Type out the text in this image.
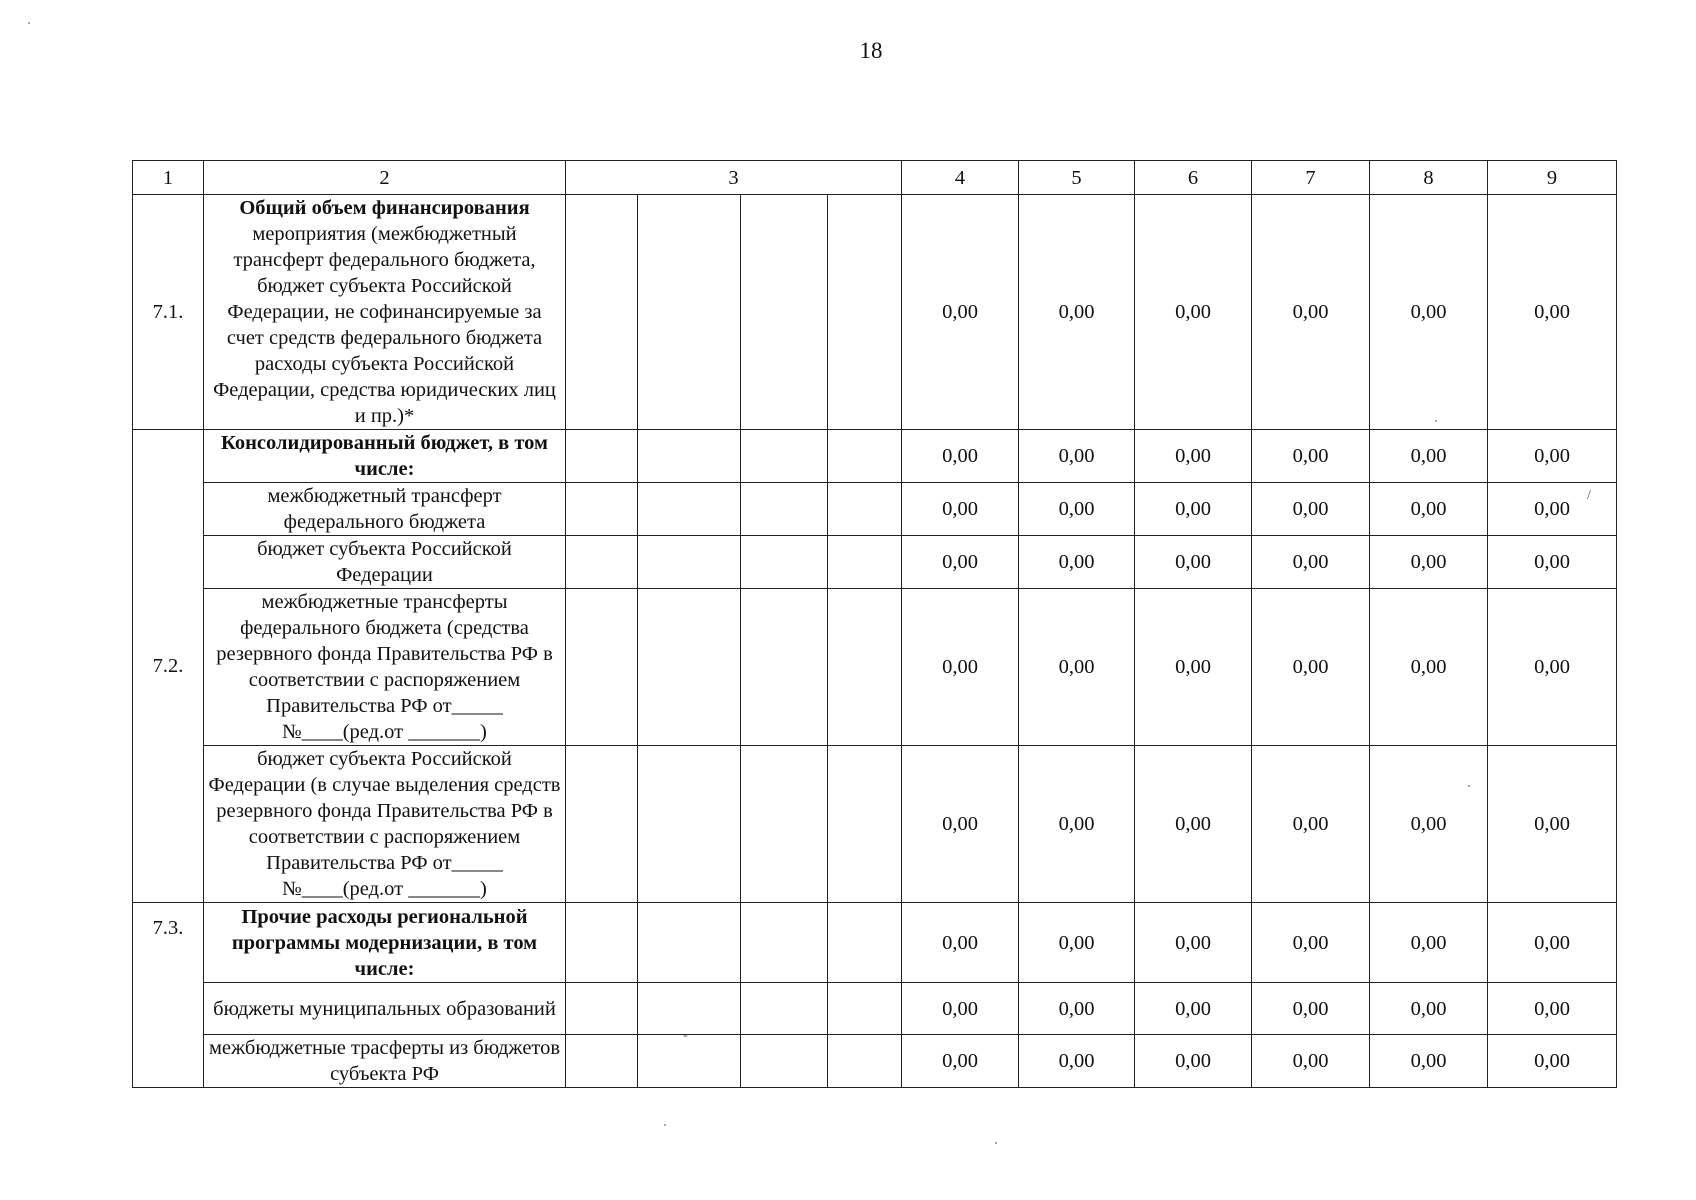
18
1	2	3				4	5	6	7	8	9
7.1.	Общий объем финансирования мероприятия (межбюджетный трансферт федерального бюджета, бюджет субъекта Российской Федерации, не софинансируемые за счет средств федерального бюджета расходы субъекта Российской Федерации, средства юридических лиц и пр.)*					0,00	0,00	0,00	0,00	0,00	0,00
7.2.	Консолидированный бюджет, в том числе:					0,00	0,00	0,00	0,00	0,00	0,00
	межбюджетный трансферт федерального бюджета					0,00	0,00	0,00	0,00	0,00	0,00
	бюджет субъекта Российской Федерации					0,00	0,00	0,00	0,00	0,00	0,00
	межбюджетные трансферты федерального бюджета (средства резервного фонда Правительства РФ в соответствии с распоряжением Правительства РФ от_____ №____(ред.от _______)					0,00	0,00	0,00	0,00	0,00	0,00
	бюджет субъекта Российской Федерации (в случае выделения средств резервного фонда Правительства РФ в соответствии с распоряжением Правительства РФ от_____ №____(ред.от _______)					0,00	0,00	0,00	0,00	0,00	0,00
7.3.	Прочие расходы региональной программы модернизации, в том числе:					0,00	0,00	0,00	0,00	0,00	0,00
	бюджеты муниципальных образований					0,00	0,00	0,00	0,00	0,00	0,00
	межбюджетные трасферты из бюджетов субъекта РФ					0,00	0,00	0,00	0,00	0,00	0,00
/
-
